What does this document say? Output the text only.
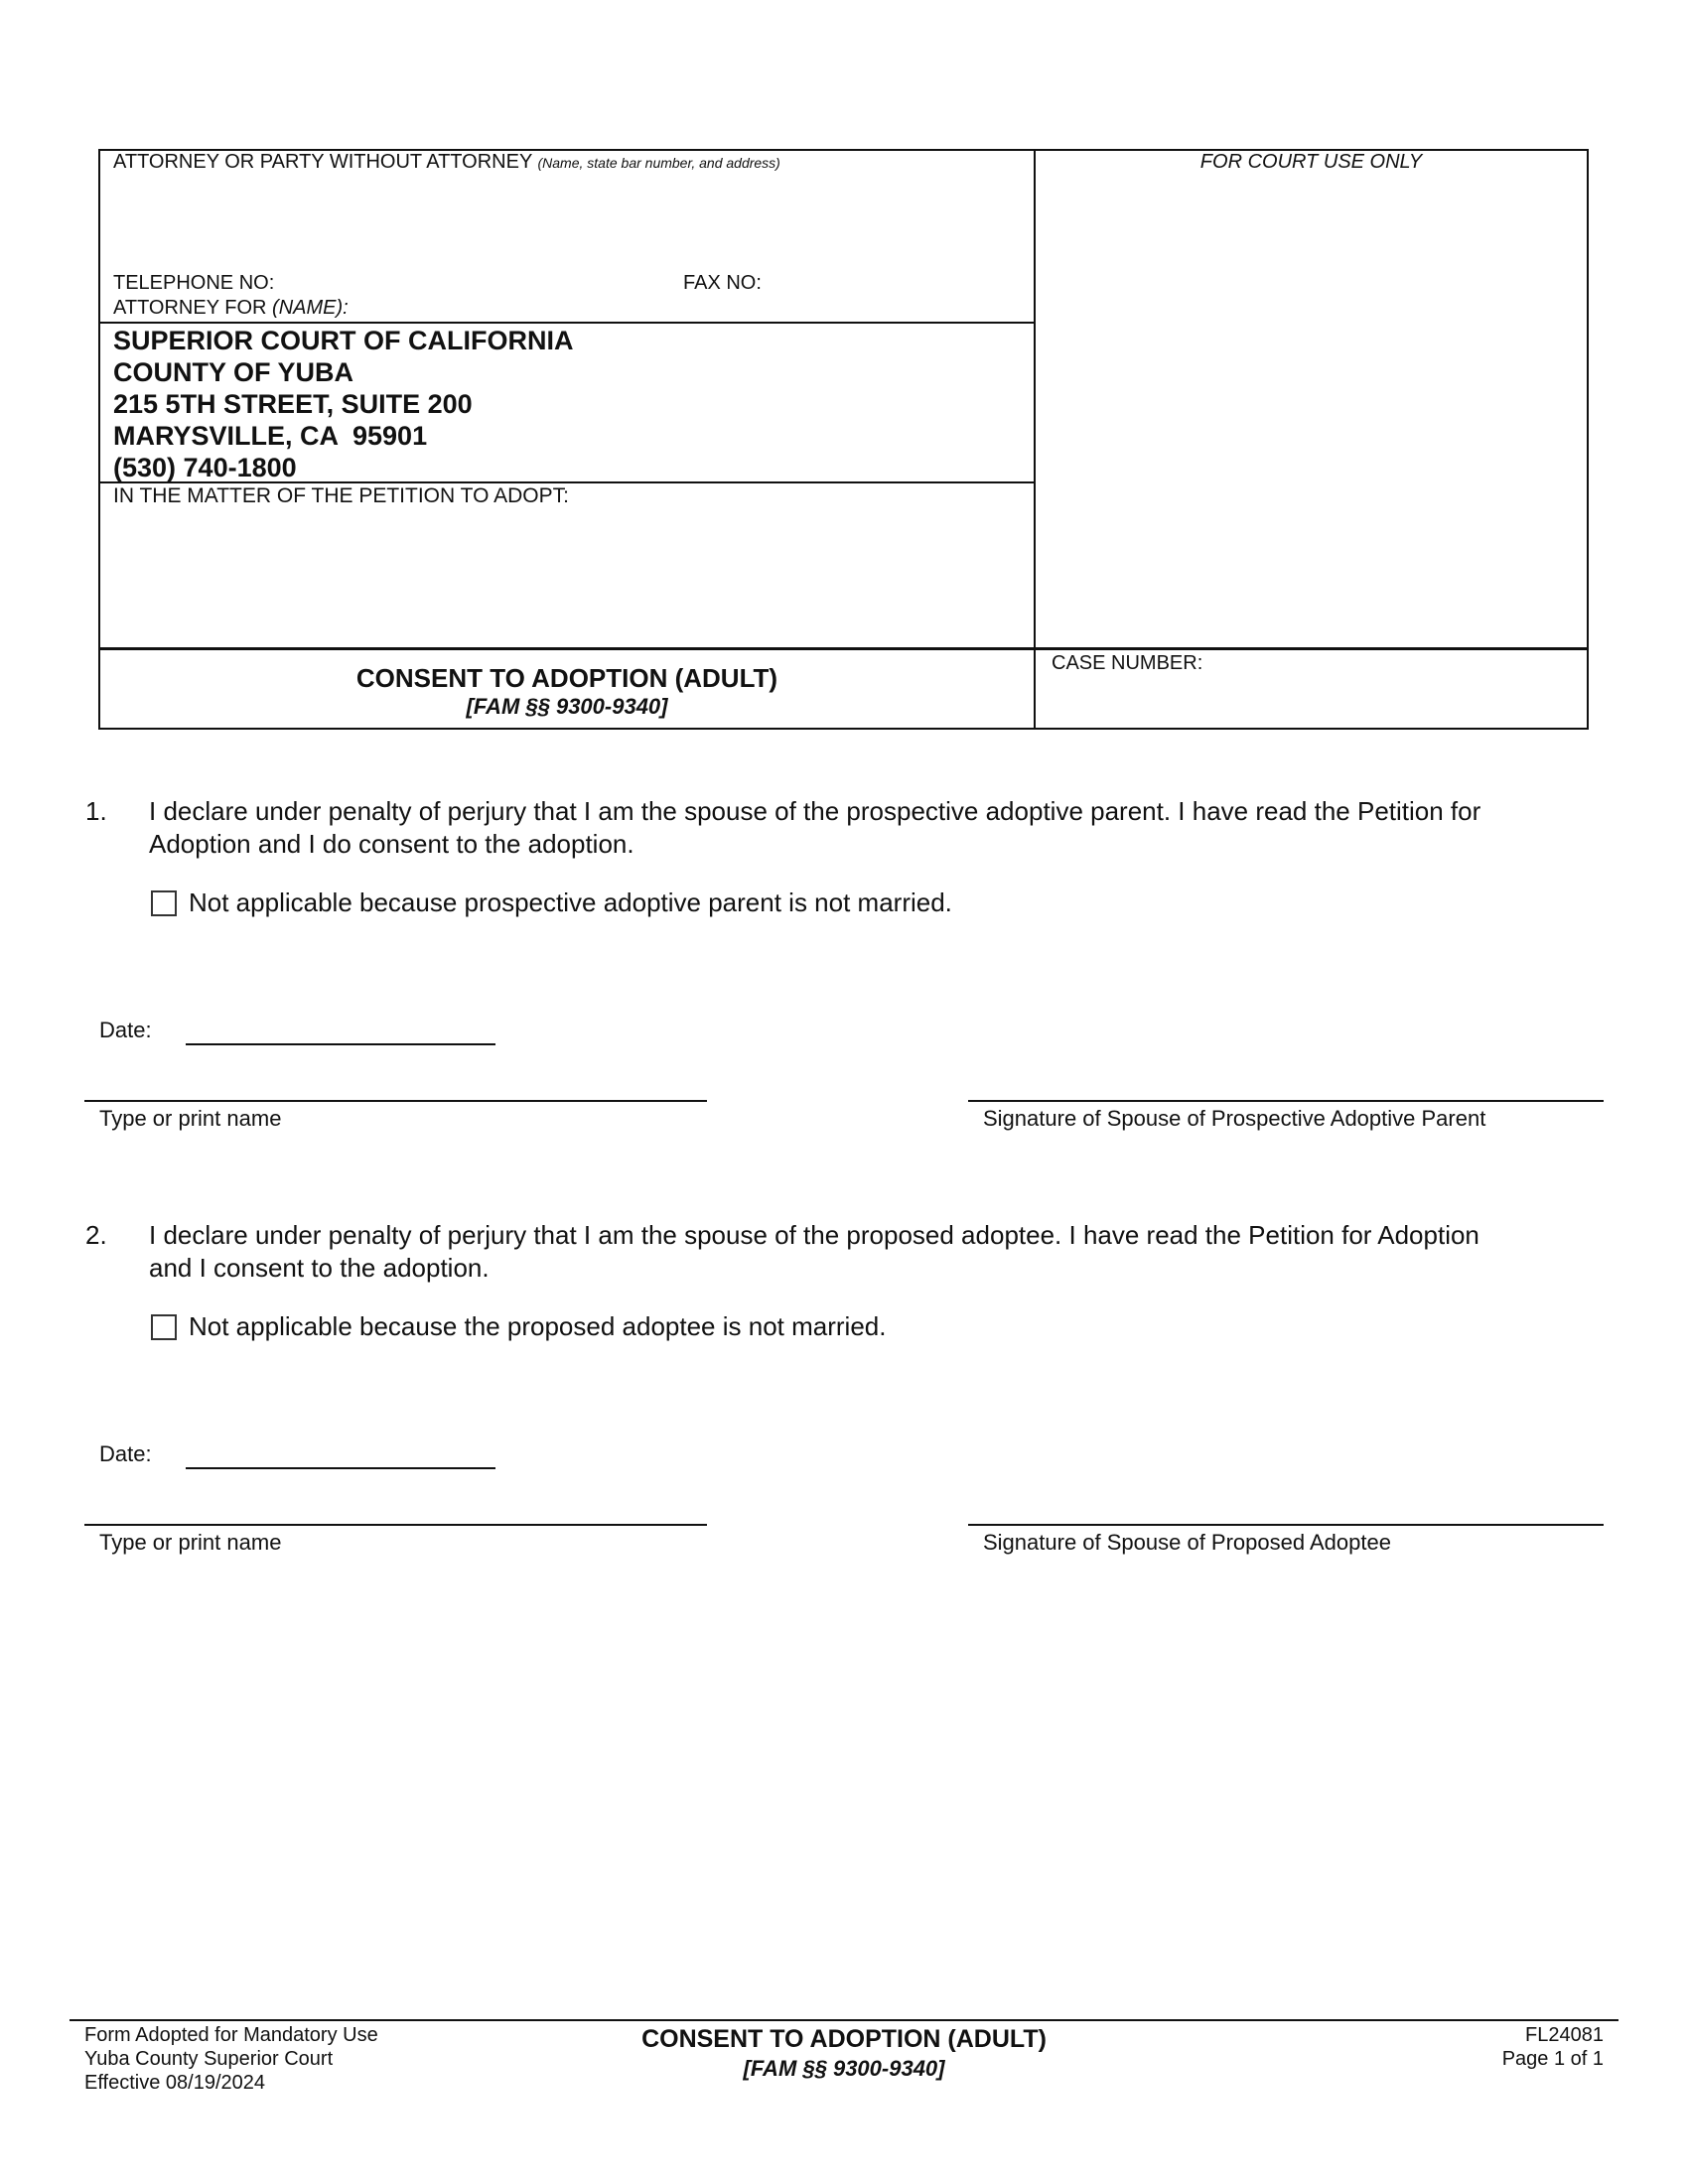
ATTORNEY OR PARTY WITHOUT ATTORNEY (Name, state bar number, and address)	FOR COURT USE ONLY
TELEPHONE NO:	FAX NO:
ATTORNEY FOR (NAME):
SUPERIOR COURT OF CALIFORNIA
COUNTY OF YUBA
215 5TH STREET, SUITE 200
MARYSVILLE, CA  95901
(530) 740-1800
IN THE MATTER OF THE PETITION TO ADOPT:
CONSENT TO ADOPTION (ADULT)
[FAM §§ 9300-9340]
CASE NUMBER:
1. I declare under penalty of perjury that I am the spouse of the prospective adoptive parent. I have read the Petition for
Adoption and I do consent to the adoption.
Not applicable because prospective adoptive parent is not married.
Date:
Type or print name	Signature of Spouse of Prospective Adoptive Parent
2. I declare under penalty of perjury that I am the spouse of the proposed adoptee. I have read the Petition for Adoption
and I consent to the adoption.
Not applicable because the proposed adoptee is not married.
Date:
Type or print name	Signature of Spouse of Proposed Adoptee
Form Adopted for Mandatory Use
Yuba County Superior Court
Effective 08/19/2024
CONSENT TO ADOPTION (ADULT)
[FAM §§ 9300-9340]
FL24081
Page 1 of 1
